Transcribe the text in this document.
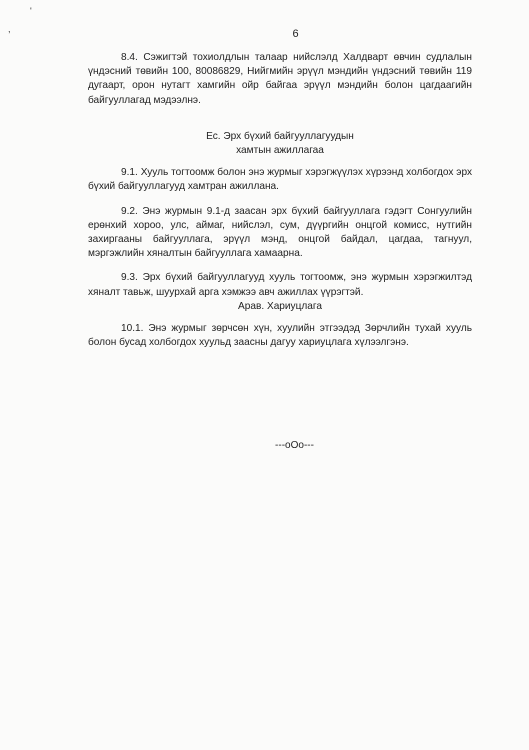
'
,	6

8.4. Сэжигтэй тохиолдлын талаар нийслэлд Халдварт өвчин судлалын үндэсний төвийн 100, 80086829, Нийгмийн эрүүл мэндийн үндэсний төвийн 119 дугаарт, орон нутагт хамгийн ойр байгаа эрүүл мэндийн болон цагдаагийн байгууллагад мэдээлнэ.

Ес. Эрх бүхий байгууллагуудын

хамтын ажиллагаа

9.1. Хууль тогтоомж болон энэ журмыг хэрэгжүүлэх хүрээнд холбогдох эрх бүхий байгууллагууд хамтран ажиллана.

9.2. Энэ журмын 9.1-д заасан эрх бүхий байгууллага гэдэгт Сонгуулийн ерөнхий хороо, улс, аймаг, нийслэл, сум, дүүргийн онцгой комисс, нутгийн захиргааны байгууллага, эрүүл мэнд, онцгой байдал, цагдаа, тагнуул, мэргэжлийн хяналтын байгууллага хамаарна.

9.3. Эрх бүхий байгууллагууд хууль тогтоомж, энэ журмын хэрэгжилтэд хяналт тавьж, шуурхай арга хэмжээ авч ажиллах үүрэгтэй.

Арав. Хариуцлага

10.1. Энэ журмыг зөрчсөн хүн, хуулийн этгээдэд Зөрчлийн тухай хууль болон бусад холбогдох хуульд заасны дагуу хариуцлага хүлээлгэнэ.

---oOo---
